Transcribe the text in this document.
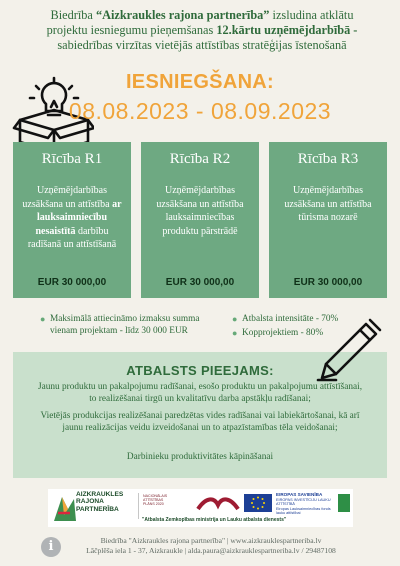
Biedrība “Aizkraukles rajona partnerība” izsludina atklātu
projektu iesniegumu pieņemšanas 12.kārtu uzņēmējdarbībā -
sabiedrības virzītas vietējās attīstības stratēģijas īstenošanā
IESNIEGŠANA:
08.08.2023 - 08.09.2023
Rīcība R1
Uzņēmējdarbības uzsākšana un attīstība ar lauksaimniecību nesaistītā darbību radīšanā un attīstīšanā
EUR 30 000,00
Rīcība R2
Uzņēmējdarbības uzsākšana un attīstība lauksaimniecības produktu pārstrādē
EUR 30 000,00
Rīcība R3
Uzņēmējdarbības uzsākšana un attīstība tūrisma nozarē
EUR 30 000,00
● Maksimālā attiecināmo izmaksu summa
vienam projektam - līdz 30 000 EUR
● Atbalsta intensitāte - 70%
● Kopprojektiem - 80%
ATBALSTS PIEEJAMS:
Jaunu produktu un pakalpojumu radīšanai, esošo produktu un pakalpojumu attīstīšanai, to realizēšanai tirgū un kvalitatīvu darba apstākļu radīšanai;
Vietējās produkcijas realizēšanai paredzētas vides radīšanai vai labiekārtošanai, kā arī jaunu realizācijas veidu izveidošanai un to atpazīstamības tēla veidošanai;
Darbinieku produktivitātes kāpināšanai
AIZKRAUKLES
RAJONA
PARTNERĪBA
NACIONĀLAIS
ATTĪSTĪBAS
PLĀNS 2020
EIROPAS SAVIENĪBA
EIROPAS INVESTĪCIJU LAUKU ATTĪSTĪBĀ
Eiropas Lauksaimniecības fonds
lauku attīstībai
"Atbalsta Zemkopības ministrija un Lauku atbalsta dienests"
i	Biedrība "Aizkraukles rajona partnerība" | www.aizkrauklespartneriba.lv
Lāčplēša iela 1 - 37, Aizkraukle | alda.paura@aizkrauklespartneriba.lv / 29487108
